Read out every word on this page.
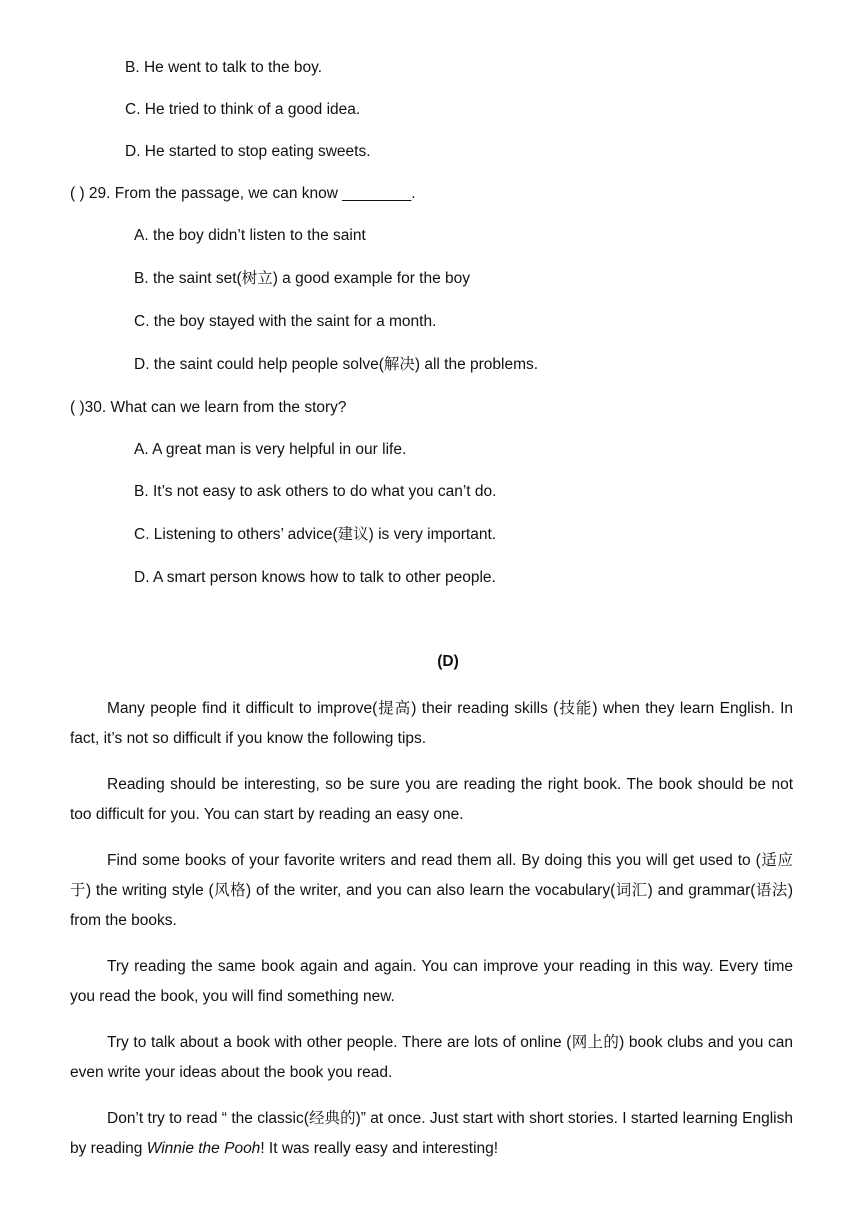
B. He went to talk to the boy.
C. He tried to think of a good idea.
D. He started to stop eating sweets.
( ) 29. From the passage, we can know ________.
A. the boy didn’t listen to the saint
B. the saint set(树立) a good example for the boy
C. the boy stayed with the saint for a month.
D. the saint could help people solve(解决) all the problems.
( )30. What can we learn from the story?
A. A great man is very helpful in our life.
B. It’s not easy to ask others to do what you can’t do.
C. Listening to others’ advice(建议) is very important.
D. A smart person knows how to talk to other people.
(D)
Many people find it difficult to improve(提高) their reading skills (技能) when they learn English. In fact, it’s not so difficult if you know the following tips.
Reading should be interesting, so be sure you are reading the right book. The book should be not too difficult for you. You can start by reading an easy one.
Find some books of your favorite writers and read them all. By doing this you will get used to (适应于) the writing style (风格) of the writer, and you can also learn the vocabulary(词汇) and grammar(语法) from the books.
Try reading the same book again and again. You can improve your reading in this way. Every time you read the book, you will find something new.
Try to talk about a book with other people. There are lots of online (网上的) book clubs and you can even write your ideas about the book you read.
Don’t try to read “ the classic(经典的)” at once. Just start with short stories. I started learning English by reading Winnie the Pooh! It was really easy and interesting!
